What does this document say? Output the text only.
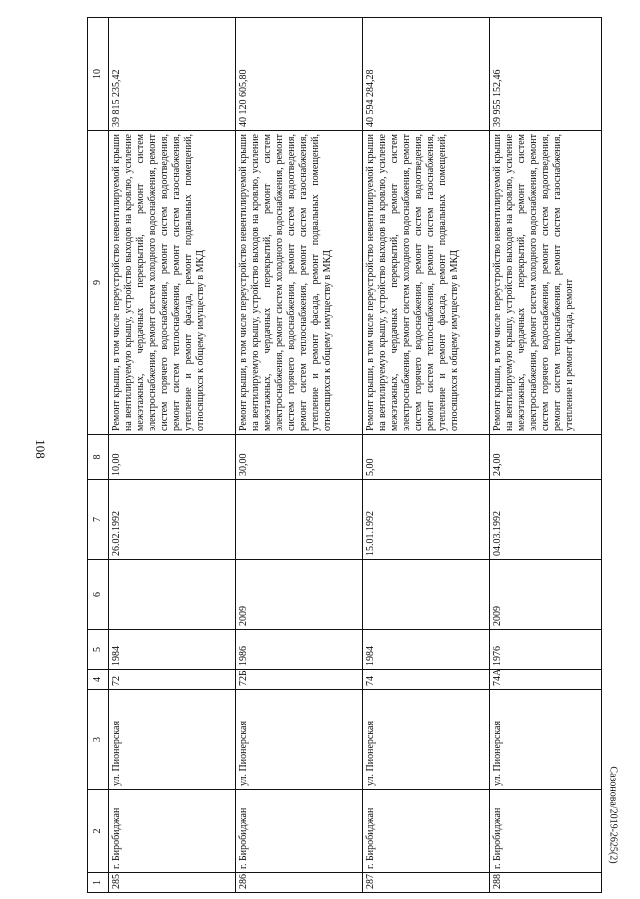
108
1	2	3	4	5	6	7	8	9	10
285	г. Биробиджан	ул. Пионерская	72	1984		26.02.1992	10,00	Ремонт крыши, в том числе переустройство невентилируемой крыши на вентилируемую крышу, устройство выходов на кровлю, усиление межэтажных, чердачных перекрытий, ремонт систем электроснабжения, ремонт систем холодного водоснабжения, ремонт систем горячего водоснабжения, ремонт систем водоотведения, ремонт систем теплоснабжения, ремонт систем газоснабжения, утепление и ремонт фасада, ремонт подвальных помещений, относящихся к общему имуществу в МКД	39 815 235,42
286	г. Биробиджан	ул. Пионерская	72Б	1986	2009		30,00	Ремонт крыши, в том числе переустройство невентилируемой крыши на вентилируемую крышу, устройство выходов на кровлю, усиление межэтажных, чердачных перекрытий, ремонт систем электроснабжения, ремонт систем холодного водоснабжения, ремонт систем горячего водоснабжения, ремонт систем водоотведения, ремонт систем теплоснабжения, ремонт систем газоснабжения, утепление и ремонт фасада, ремонт подвальных помещений, относящихся к общему имуществу в МКД	40 120 605,80
287	г. Биробиджан	ул. Пионерская	74	1984		15.01.1992	5,00	Ремонт крыши, в том числе переустройство невентилируемой крыши на вентилируемую крышу, устройство выходов на кровлю, усиление межэтажных, чердачных перекрытий, ремонт систем электроснабжения, ремонт систем холодного водоснабжения, ремонт систем горячего водоснабжения, ремонт систем водоотведения, ремонт систем теплоснабжения, ремонт систем газоснабжения, утепление и ремонт фасада, ремонт подвальных помещений, относящихся к общему имуществу в МКД	40 594 284,28
288	г. Биробиджан	ул. Пионерская	74А	1976	2009	04.03.1992	24,00	Ремонт крыши, в том числе переустройство невентилируемой крыши на вентилируемую крышу, устройство выходов на кровлю, усиление межэтажных, чердачных перекрытий, ремонт систем электроснабжения, ремонт систем холодного водоснабжения, ремонт систем горячего водоснабжения, ремонт систем водоотведения, ремонт систем теплоснабжения, ремонт систем газоснабжения, утепление и ремонт фасада, ремонт	39 955 152,46
Сазонова/2019-2625(2)
